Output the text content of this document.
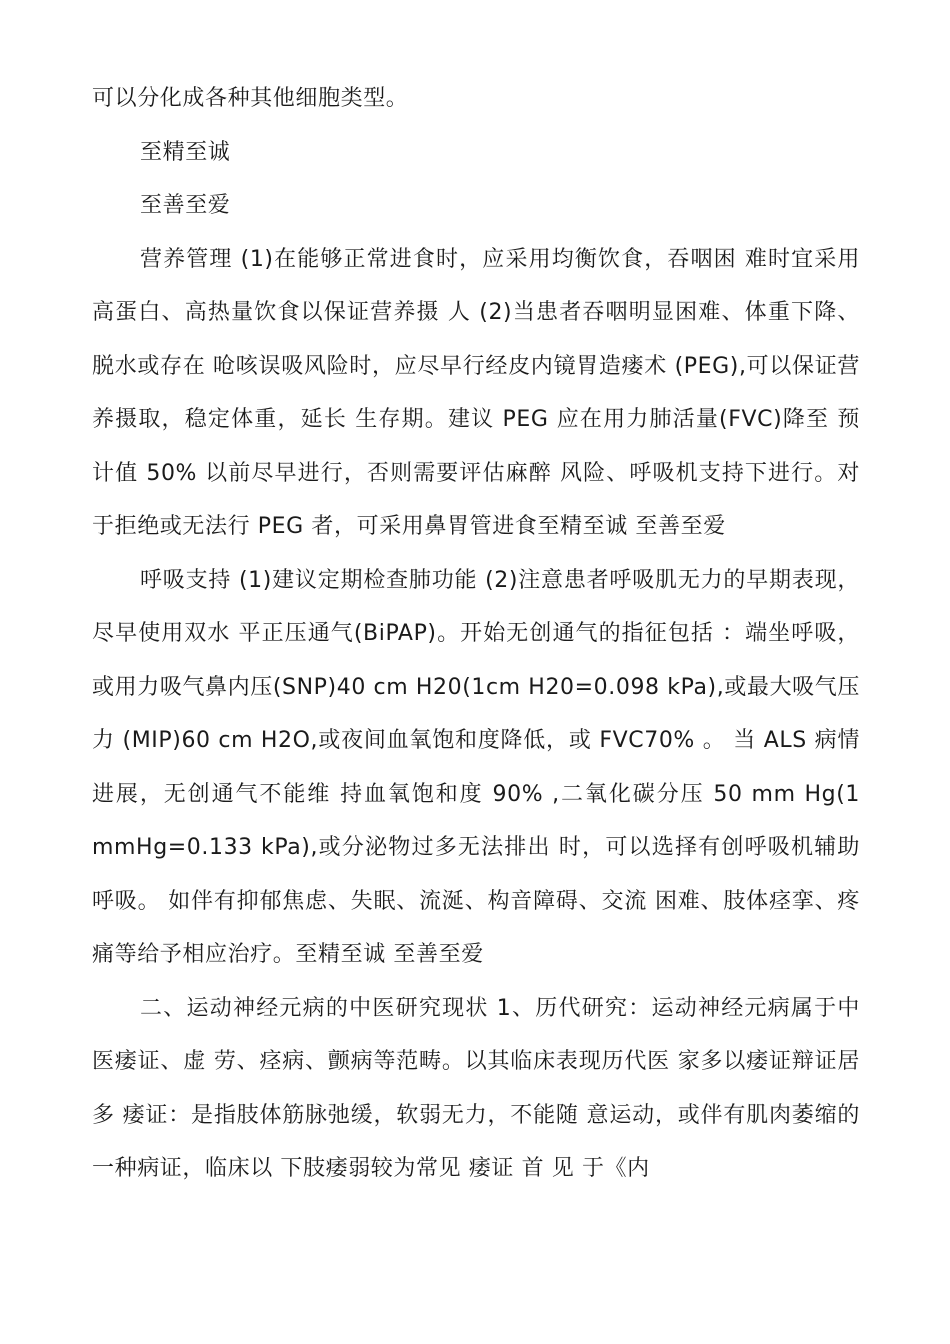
可以分化成各种其他细胞类型。

至精至诚

至善至爱

营养管理 (1)在能够正常进食时，应采用均衡饮食，吞咽困 难时宜采用高蛋白、高热量饮食以保证营养摄 人 (2)当患者吞咽明显困难、体重下降、脱水或存在 呛咳误吸风险时，应尽早行经皮内镜胃造瘘术 (PEG),可以保证营养摄取，稳定体重，延长 生存期。建议 PEG 应在用力肺活量(FVC)降至 预计值 50% 以前尽早进行，否则需要评估麻醉 风险、呼吸机支持下进行。对于拒绝或无法行 PEG 者，可采用鼻胃管进食至精至诚 至善至爱

呼吸支持 (1)建议定期检查肺功能 (2)注意患者呼吸肌无力的早期表现，尽早使用双水 平正压通气(BiPAP)。开始无创通气的指征包括 ：端坐呼吸，或用力吸气鼻内压(SNP)40 cm H20(1cm H20=0.098 kPa),或最大吸气压力 (MIP)60 cm H2O,或夜间血氧饱和度降低，或 FVC70% 。 当 ALS 病情进展，无创通气不能维 持血氧饱和度 90% ,二氧化碳分压 50 mm Hg(1 mmHg=0.133 kPa),或分泌物过多无法排出 时，可以选择有创呼吸机辅助呼吸。 如伴有抑郁焦虑、失眠、流涎、构音障碍、交流 困难、肢体痉挛、疼痛等给予相应治疗。至精至诚 至善至爱

二、运动神经元病的中医研究现状 1、历代研究：运动神经元病属于中医痿证、虚 劳、痉病、颤病等范畴。以其临床表现历代医 家多以痿证辩证居多 痿证：是指肢体筋脉弛缓，软弱无力，不能随 意运动，或伴有肌肉萎缩的一种病证，临床以 下肢痿弱较为常见 痿证 首 见 于《内
